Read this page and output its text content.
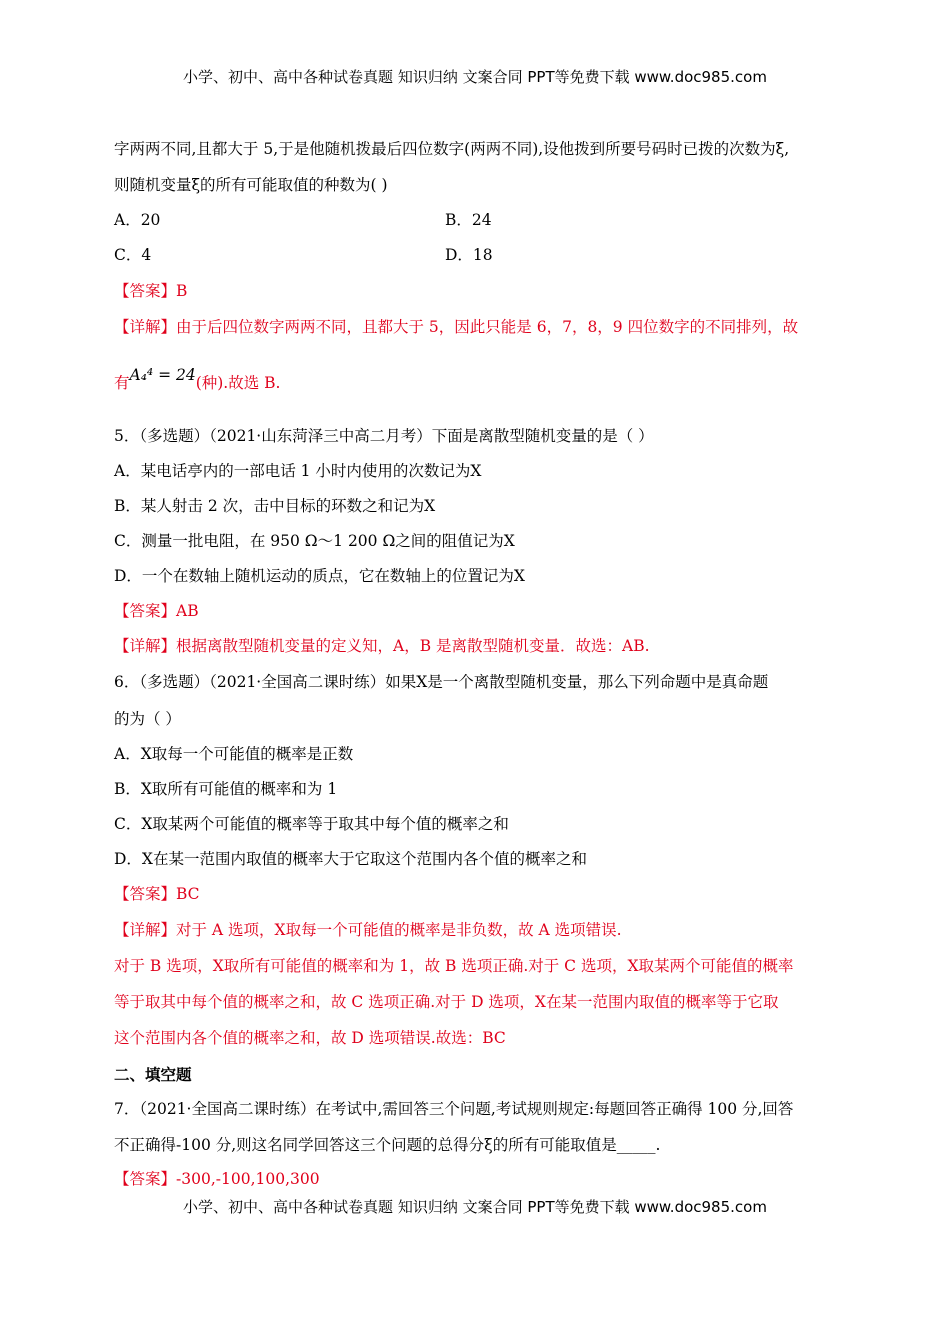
小学、初中、高中各种试卷真题 知识归纳 文案合同 PPT等免费下载 www.doc985.com
字两两不同,且都大于 5,于是他随机拨最后四位数字(两两不同),设他拨到所要号码时已拨的次数为ξ,
则随机变量ξ的所有可能取值的种数为( )
A．20	B．24
C．4	D．18
【答案】B
【详解】由于后四位数字两两不同，且都大于 5，因此只能是 6，7，8，9 四位数字的不同排列，故
有A₄⁴ = 24(种).故选 B.
5．（多选题）（2021·山东菏泽三中高二月考）下面是离散型随机变量的是（ ）
A．某电话亭内的一部电话 1 小时内使用的次数记为X
B．某人射击 2 次，击中目标的环数之和记为X
C．测量一批电阻，在 950 Ω～1 200 Ω之间的阻值记为X
D．一个在数轴上随机运动的质点，它在数轴上的位置记为X
【答案】AB
【详解】根据离散型随机变量的定义知，A，B 是离散型随机变量．故选：AB.
6．（多选题）（2021·全国高二课时练）如果X是一个离散型随机变量，那么下列命题中是真命题
的为（ ）
A．X取每一个可能值的概率是正数
B．X取所有可能值的概率和为 1
C．X取某两个可能值的概率等于取其中每个值的概率之和
D．X在某一范围内取值的概率大于它取这个范围内各个值的概率之和
【答案】BC
【详解】对于 A 选项，X取每一个可能值的概率是非负数，故 A 选项错误.
对于 B 选项，X取所有可能值的概率和为 1，故 B 选项正确.对于 C 选项，X取某两个可能值的概率
等于取其中每个值的概率之和，故 C 选项正确.对于 D 选项，X在某一范围内取值的概率等于它取
这个范围内各个值的概率之和，故 D 选项错误.故选：BC
二、填空题
7．（2021·全国高二课时练）在考试中,需回答三个问题,考试规则规定:每题回答正确得 100 分,回答
不正确得-100 分,则这名同学回答这三个问题的总得分ξ的所有可能取值是_____.
【答案】-300,-100,100,300
小学、初中、高中各种试卷真题 知识归纳 文案合同 PPT等免费下载 www.doc985.com
